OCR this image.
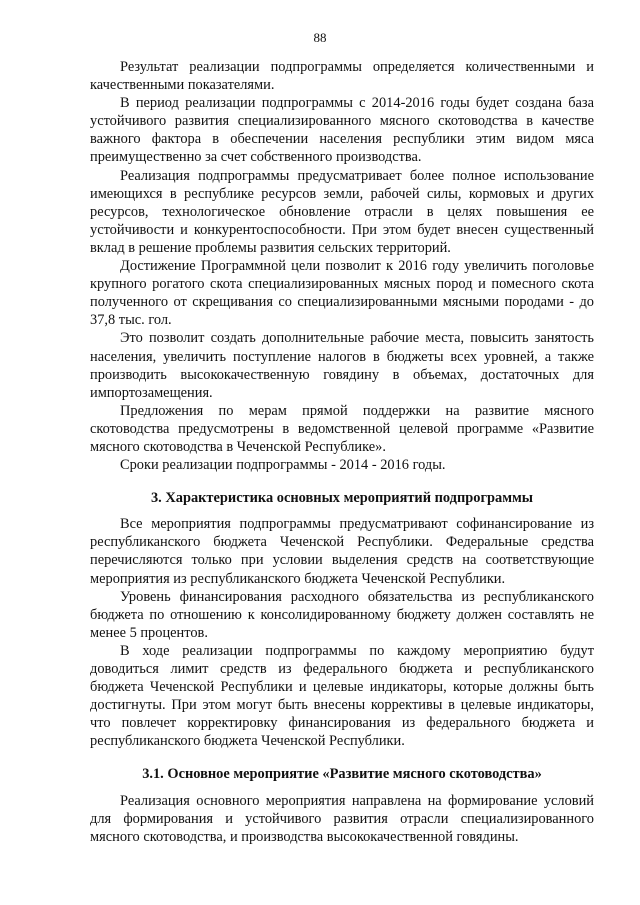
88

Результат реализации подпрограммы определяется количественными и качественными показателями.

В период реализации подпрограммы с 2014-2016 годы будет создана база устойчивого развития специализированного мясного скотоводства в качестве важного фактора в обеспечении населения республики этим видом мяса преимущественно за счет собственного производства.

Реализация подпрограммы предусматривает более полное использование имеющихся в республике ресурсов земли, рабочей силы, кормовых и других ресурсов, технологическое обновление отрасли в целях повышения ее устойчивости и конкурентоспособности. При этом будет внесен существенный вклад в решение проблемы развития сельских территорий.

Достижение Программной цели позволит к 2016 году увеличить поголовье крупного рогатого скота специализированных мясных пород и помесного скота полученного от скрещивания со специализированными мясными породами - до 37,8 тыс. гол.

Это позволит создать дополнительные рабочие места, повысить занятость населения, увеличить поступление налогов в бюджеты всех уровней, а также производить высококачественную говядину в объемах, достаточных для импортозамещения.

Предложения по мерам прямой поддержки на развитие мясного скотоводства предусмотрены в ведомственной целевой программе «Развитие мясного скотоводства в Чеченской Республике».

Сроки реализации подпрограммы - 2014 - 2016 годы.

3. Характеристика основных мероприятий подпрограммы

Все мероприятия подпрограммы предусматривают софинансирование из республиканского бюджета Чеченской Республики. Федеральные средства перечисляются только при условии выделения средств на соответствующие мероприятия из республиканского бюджета Чеченской Республики.

Уровень финансирования расходного обязательства из республиканского бюджета по отношению к консолидированному бюджету должен составлять не менее 5 процентов.

В ходе реализации подпрограммы по каждому мероприятию будут доводиться лимит средств из федерального бюджета и республиканского бюджета Чеченской Республики и целевые индикаторы, которые должны быть достигнуты. При этом могут быть внесены коррективы в целевые индикаторы, что повлечет корректировку финансирования из федерального бюджета и республиканского бюджета Чеченской Республики.

3.1. Основное мероприятие «Развитие мясного скотоводства»

Реализация основного мероприятия направлена на формирование условий для формирования и устойчивого развития отрасли специализированного мясного скотоводства, и производства высококачественной говядины.
